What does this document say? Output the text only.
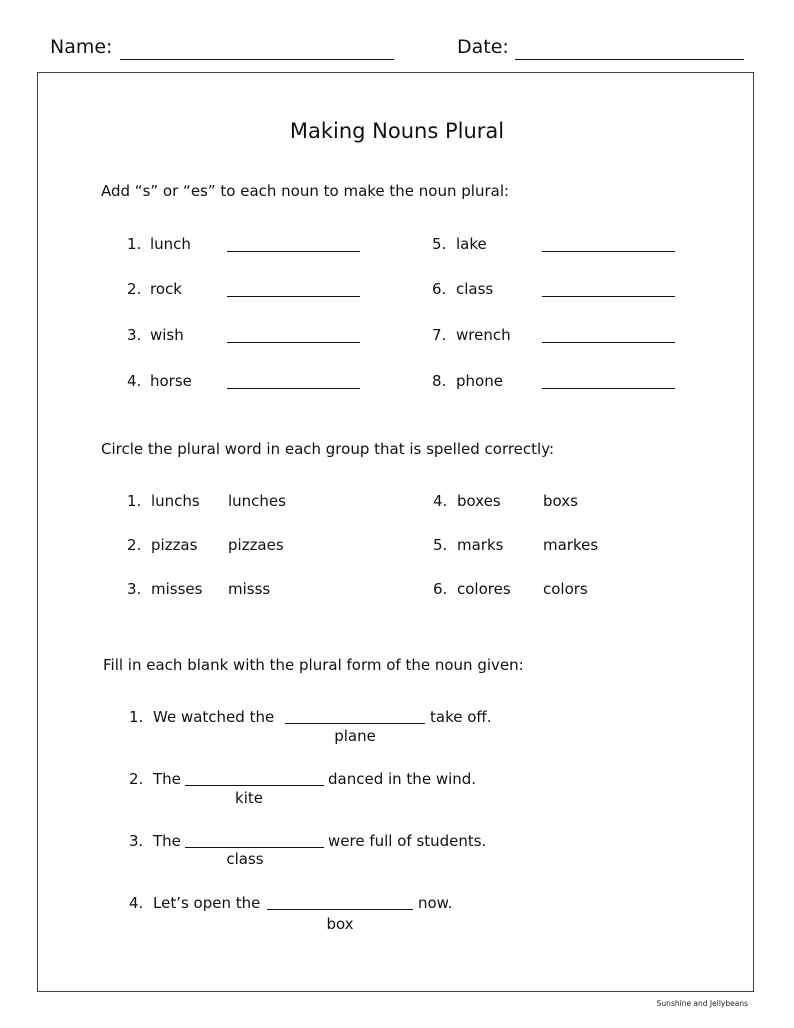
Name:	Date:
Making Nouns Plural
Add “s” or “es” to each noun to make the noun plural:
1. lunch
2. rock
3. wish
4. horse
5. lake
6. class
7. wrench
8. phone
Circle the plural word in each group that is spelled correctly:
1. lunchs lunches
2. pizzas pizzaes
3. misses misss
4. boxes	boxs
5. marks	markes
6. colores colors
Fill in each blank with the plural form of the noun given:
1. We watched the	take off.
plane
2. The	danced in the wind.
kite
3. The	were full of students.
class
4. Let’s open the	now.
box
Sunshine and Jellybeans
